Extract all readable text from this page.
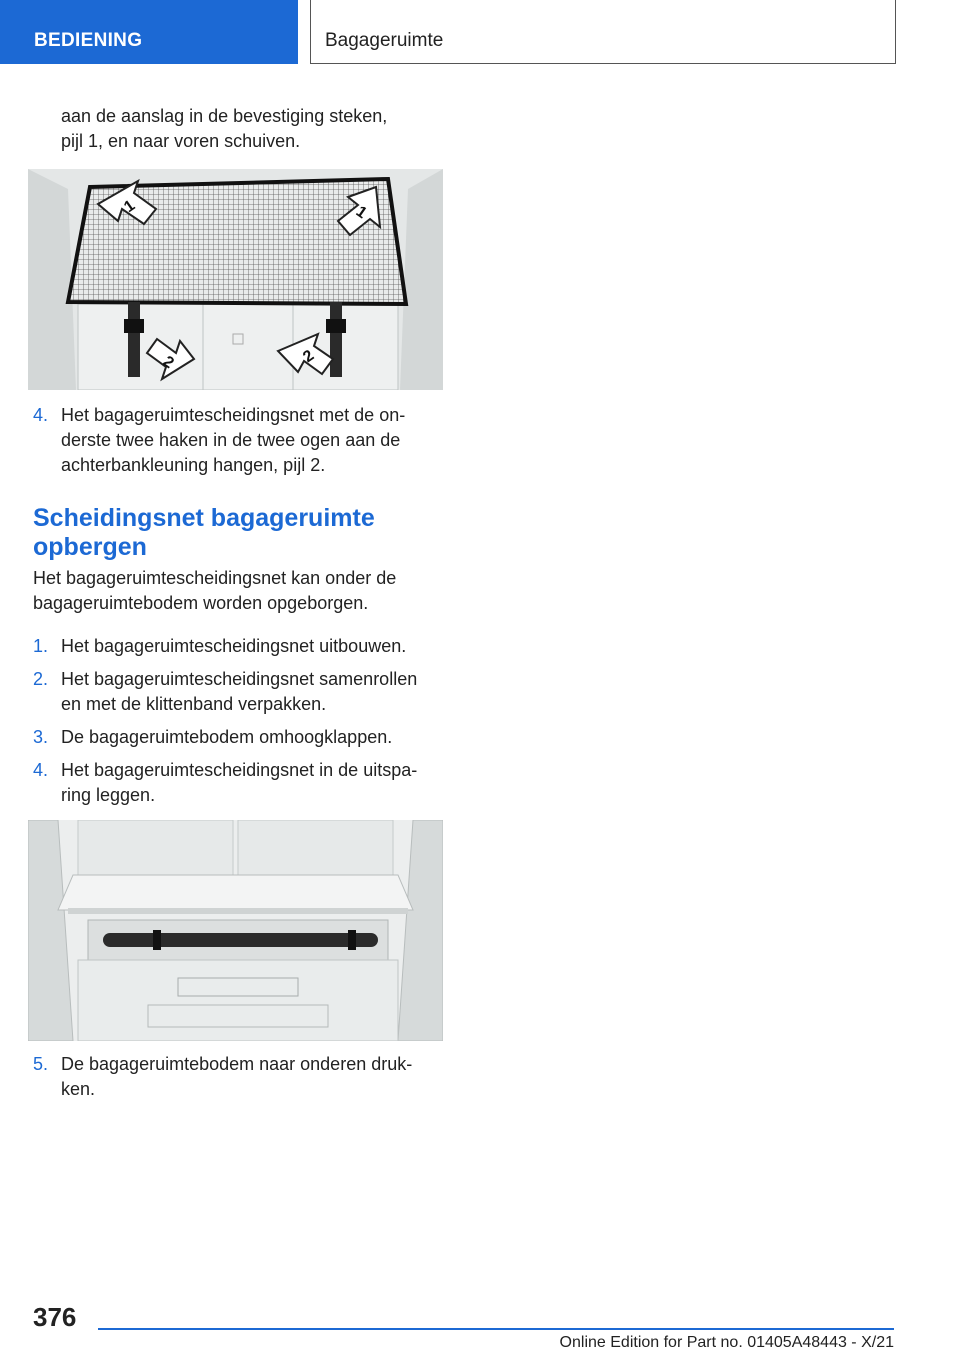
BEDIENING	Bagageruimte

aan de aanslag in de bevestiging steken,

pijl 1, en naar voren schuiven.

1	1
2	2
4. Het bagageruimtescheidingsnet met de on-
derste twee haken in de twee ogen aan de
achterbankleuning hangen, pijl 2.
Scheidingsnet bagageruimte
opbergen

Het bagageruimtescheidingsnet kan onder de

bagageruimtebodem worden opgeborgen.

1. Het bagageruimtescheidingsnet uitbouwen.
2. Het bagageruimtescheidingsnet samenrollen
en met de klittenband verpakken.
3. De bagageruimtebodem omhoogklappen.
4. Het bagageruimtescheidingsnet in de uitspa-
ring leggen.
5. De bagageruimtebodem naar onderen druk-
ken.
376
Online Edition for Part no. 01405A48443 - X/21
